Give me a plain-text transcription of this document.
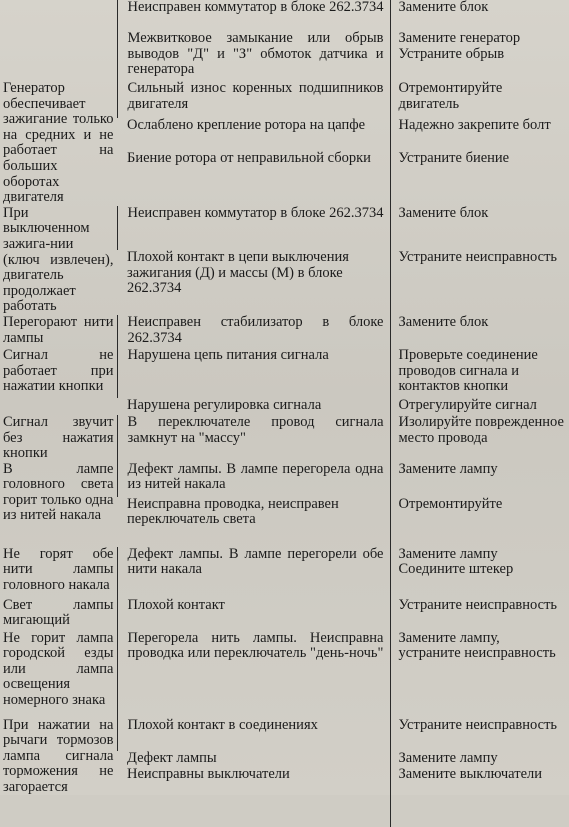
	Неисправен коммутатор в блоке 262.3734	Замените блок
	Межвитковое замыкание или обрыв выводов "Д" и "З" обмоток датчика и генератора	Замените генератор Устраните обрыв
Генератор обеспечивает зажигание только на средних и не работает на больших оборотах двигателя	Сильный износ коренных подшипников двигателя	Отремонтируйте двигатель
	Ослаблено крепление ротора на цапфе	Надежно закрепите болт
	Биение ротора от неправильной сборки	Устраните биение
При выключенном зажига-нии (ключ извлечен), двигатель продолжает работать	Неисправен коммутатор в блоке 262.3734	Замените блок
	Плохой контакт в цепи выключения зажигания (Д) и массы (М) в блоке 262.3734	Устраните неисправность
Перегорают нити лампы	Неисправен стабилизатор в блоке 262.3734	Замените блок
Сигнал не работает при нажатии кнопки	Нарушена цепь питания сигнала	Проверьте соединение проводов сигнала и контактов кнопки
	Нарушена регулировка сигнала	Отрегулируйте сигнал
Сигнал звучит без нажатия кнопки	В переключателе провод сигнала замкнут на "массу"	Изолируйте поврежденное место провода
В лампе головного света горит только одна из нитей накала	Дефект лампы. В лампе перегорела одна из нитей накала	Замените лампу
	Неисправна проводка, неисправен переключатель света	Отремонтируйте
Не горят обе нити лампы головного накала	Дефект лампы. В лампе перегорели обе нити накала	Замените лампу Соедините штекер
Свет лампы мигающий	Плохой контакт	Устраните неисправность
Не горит лампа городской езды или лампа освещения номерного знака	Перегорела нить лампы. Неисправна проводка или переключатель "день-ночь"	Замените лампу, устраните неисправность
При нажатии на рычаги тормозов лампа сигнала торможения не загорается	Плохой контакт в соединениях	Устраните неисправность
	Дефект лампы	Замените лампу
	Неисправны выключатели	Замените выключатели
